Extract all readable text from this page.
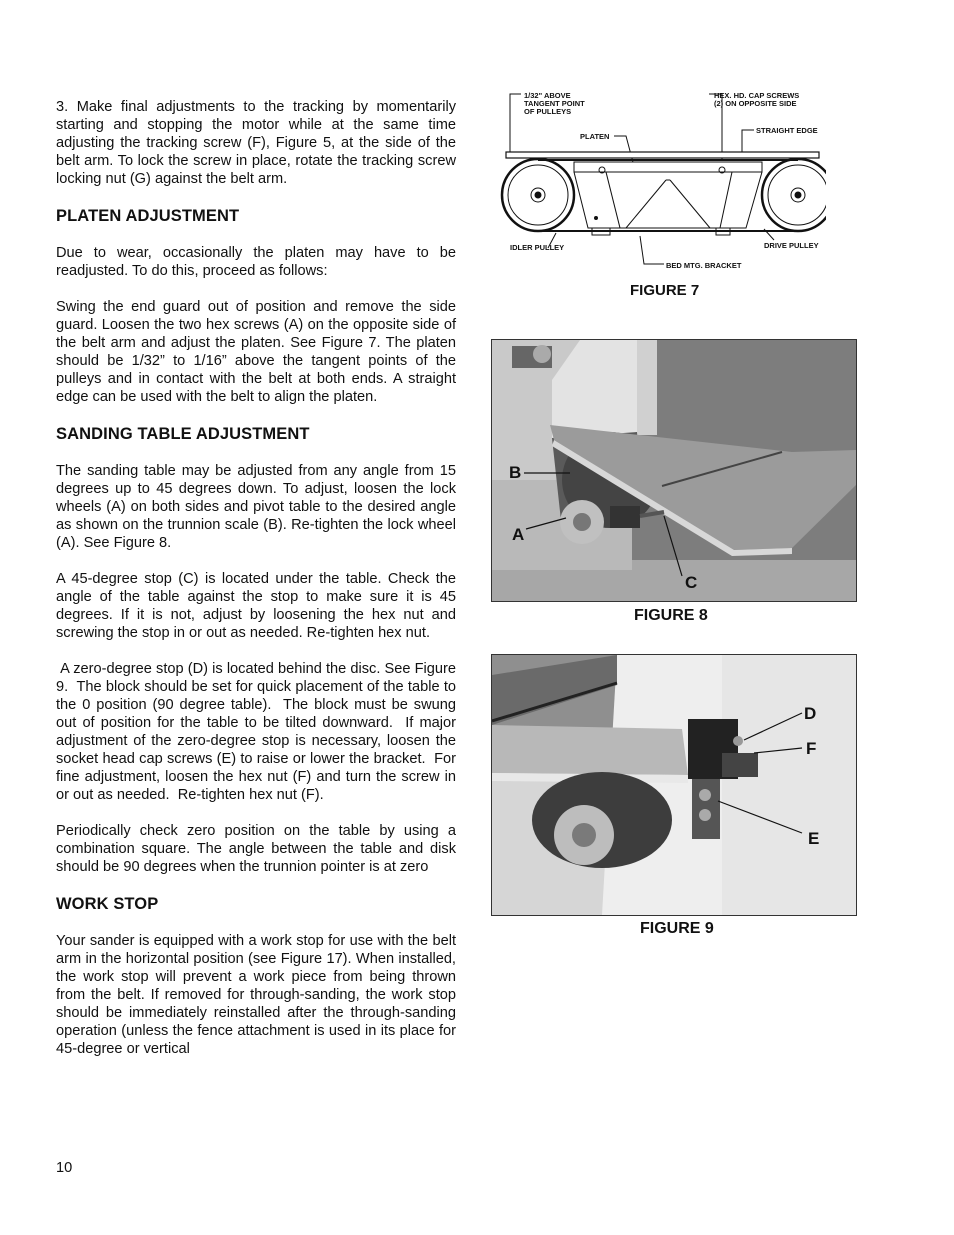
3. Make final adjustments to the tracking by momentarily starting and stopping the motor while at the same time adjusting the tracking screw (F), Figure 5, at the side of the belt arm. To lock the screw in place, rotate the tracking screw locking nut (G) against the belt arm.

PLATEN ADJUSTMENT

Due to wear, occasionally the platen may have to be readjusted. To do this, proceed as follows:

Swing the end guard out of position and remove the side guard. Loosen the two hex screws (A) on the opposite side of the belt arm and adjust the platen. See Figure 7. The platen should be 1/32” to 1/16” above the tangent points of the pulleys and in contact with the belt at both ends. A straight edge can be used with the belt to align the platen.

SANDING TABLE ADJUSTMENT

The sanding table may be adjusted from any angle from 15 degrees up to 45 degrees down. To adjust, loosen the lock wheels (A) on both sides and pivot table to the desired angle as shown on the trunnion scale (B). Re-tighten the lock wheel (A). See Figure 8.

A 45-degree stop (C) is located under the table. Check the angle of the table against the stop to make sure it is 45 degrees. If it is not, adjust by loosening the hex nut and screwing the stop in or out as needed. Re-tighten hex nut.

A zero-degree stop (D) is located behind the disc. See Figure 9.  The block should be set for quick placement of the table to the 0 position (90 degree table).  The block must be swung out of position for the table to be tilted downward.  If major adjustment of the zero-degree stop is necessary, loosen the socket head cap screws (E) to raise or lower the bracket.  For fine adjustment, loosen the hex nut (F) and turn the screw in or out as needed.  Re-tighten hex nut (F).

Periodically check zero position on the table by using a combination square. The angle between the table and disk should be 90 degrees when the trunnion pointer is at zero

WORK STOP

Your sander is equipped with a work stop for use with the belt arm in the horizontal position (see Figure 17). When installed, the work stop will prevent a work piece from being thrown from the belt. If removed for through-sanding, the work stop should be immediately reinstalled after the through-sanding operation (unless the fence attachment is used in its place for 45-degree or vertical

10
1/32" ABOVE
TANGENT POINT
OF PULLEYS
HEX. HD. CAP SCREWS
(2) ON OPPOSITE SIDE
PLATEN
STRAIGHT EDGE
IDLER PULLEY	DRIVE PULLEY
BED MTG. BRACKET
FIGURE 7
B
A
C
FIGURE 8
D
F
E
FIGURE 9
